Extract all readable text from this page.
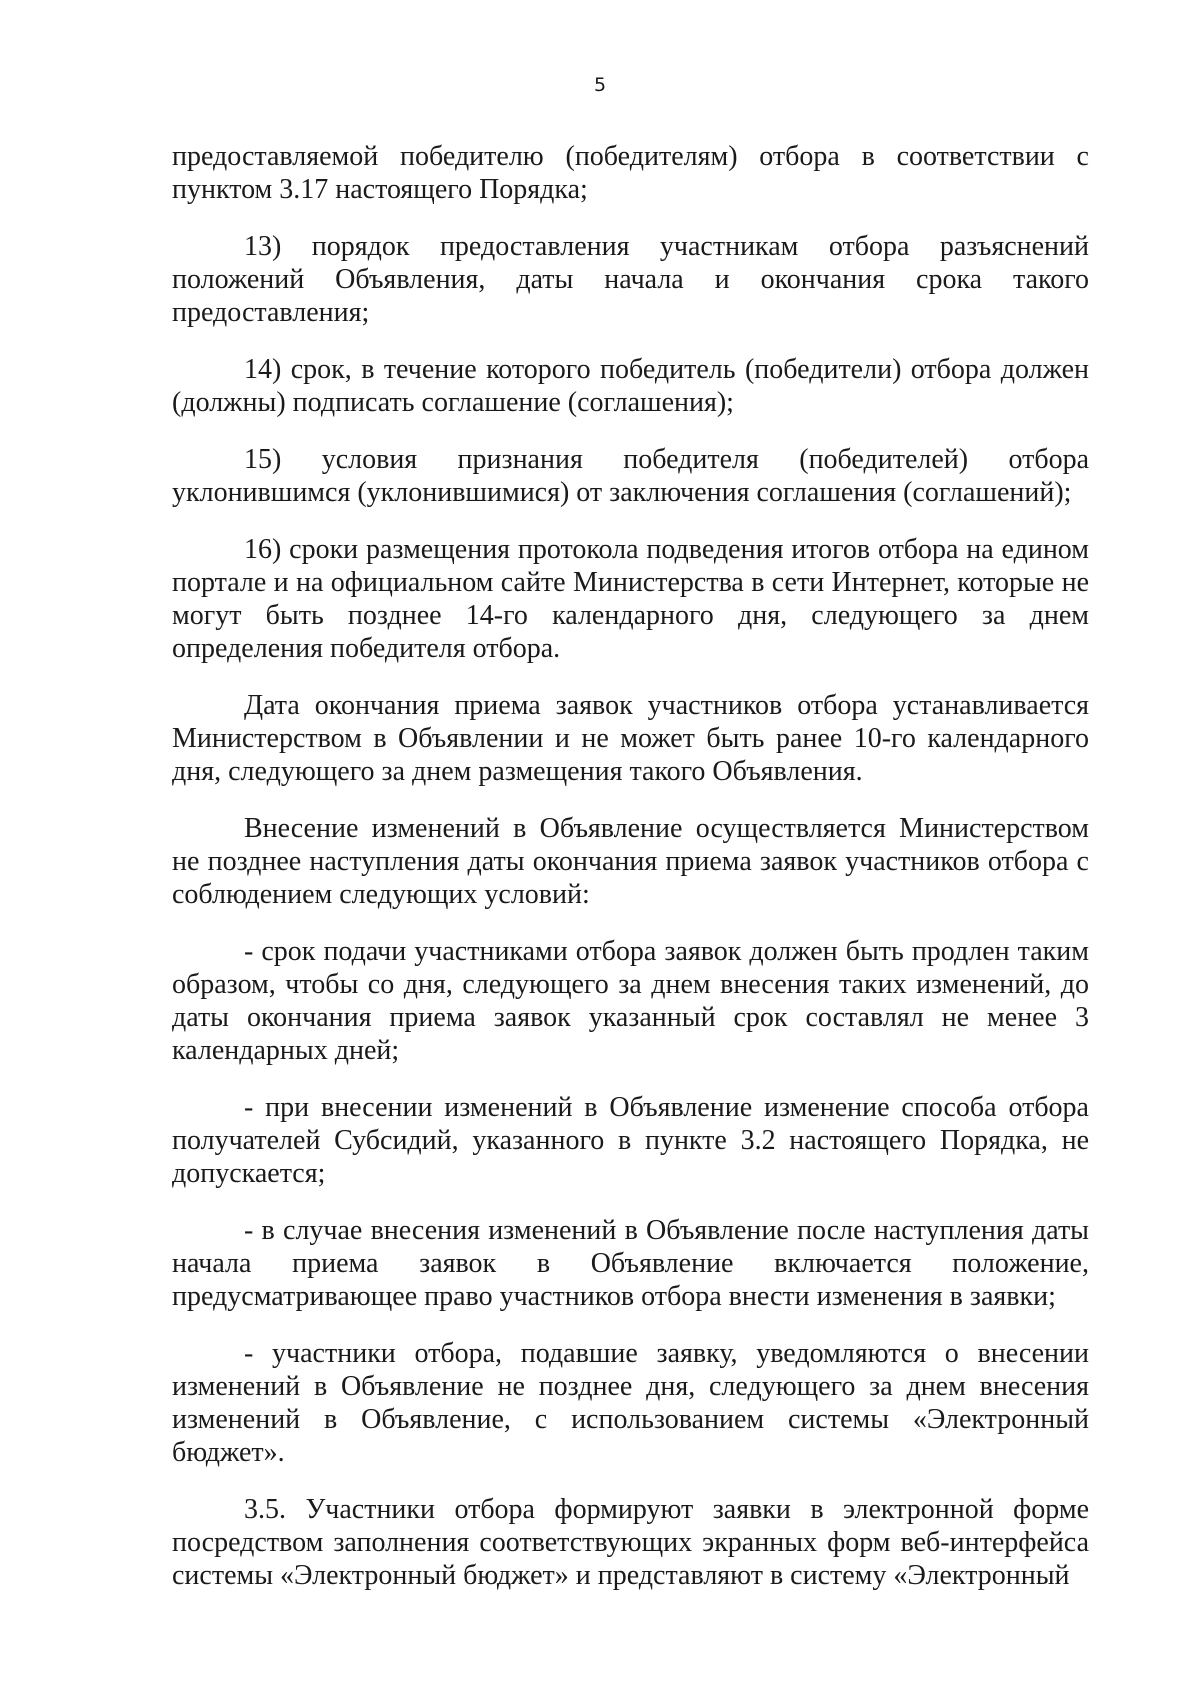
5

предоставляемой победителю (победителям) отбора в соответствии с пунктом 3.17 настоящего Порядка;

13) порядок предоставления участникам отбора разъяснений положений Объявления, даты начала и окончания срока такого предоставления;

14) срок, в течение которого победитель (победители) отбора должен (должны) подписать соглашение (соглашения);

15) условия признания победителя (победителей) отбора уклонившимся (уклонившимися) от заключения соглашения (соглашений);

16) сроки размещения протокола подведения итогов отбора на едином портале и на официальном сайте Министерства в сети Интернет, которые не могут быть позднее 14-го календарного дня, следующего за днем определения победителя отбора.

Дата окончания приема заявок участников отбора устанавливается Министерством в Объявлении и не может быть ранее 10-го календарного дня, следующего за днем размещения такого Объявления.

Внесение изменений в Объявление осуществляется Министерством не позднее наступления даты окончания приема заявок участников отбора с соблюдением следующих условий:

- срок подачи участниками отбора заявок должен быть продлен таким образом, чтобы со дня, следующего за днем внесения таких изменений, до даты окончания приема заявок указанный срок составлял не менее 3 календарных дней;

- при внесении изменений в Объявление изменение способа отбора получателей Субсидий, указанного в пункте 3.2 настоящего Порядка, не допускается;

- в случае внесения изменений в Объявление после наступления даты начала приема заявок в Объявление включается положение, предусматривающее право участников отбора внести изменения в заявки;

- участники отбора, подавшие заявку, уведомляются о внесении изменений в Объявление не позднее дня, следующего за днем внесения изменений в Объявление, с использованием системы «Электронный бюджет».

3.5. Участники отбора формируют заявки в электронной форме посредством заполнения соответствующих экранных форм веб-интерфейса системы «Электронный бюджет» и представляют в систему «Электронный
